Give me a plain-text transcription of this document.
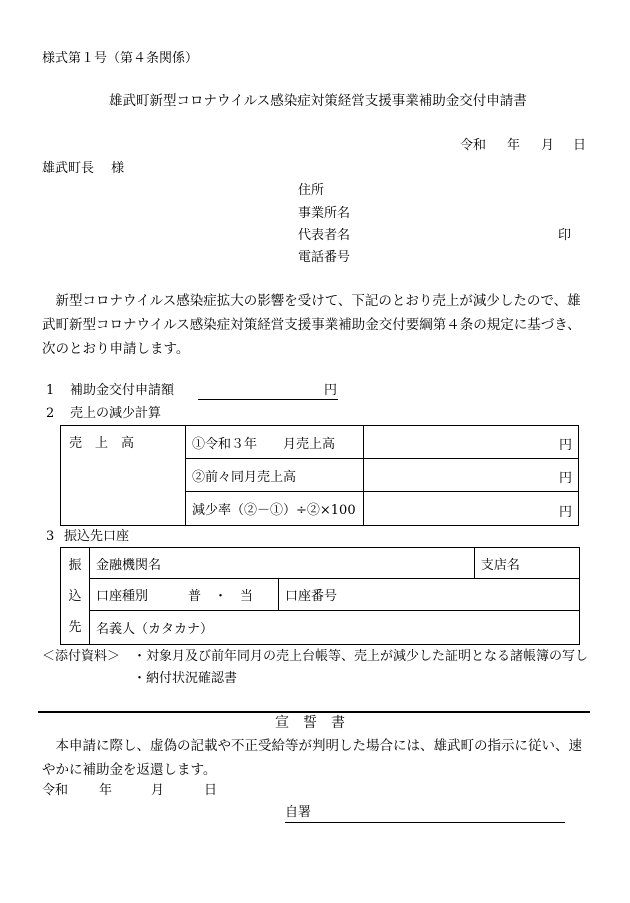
様式第１号（第４条関係）
雄武町新型コロナウイルス感染症対策経営支援事業補助金交付申請書
令和 年 月 日
雄武町長　 様
住所
事業所名
代表者名	印
電話番号

新型コロナウイルス感染症拡大の影響を受けて、下記のとおり売上が減少したので、雄武町新型コロナウイルス感染症対策経営支援事業補助金交付要綱第４条の規定に基づき、次のとおり申請します。

1 補助金交付申請額	円
2 売上の減少計算
売　上　高	①令和３年　　月売上高	円
	②前々同月売上高	円
	減少率（②－①）÷②×100	円
3 振込先口座
振
込
先	金融機関名		支店名
	口座種別 普　・　当	口座番号	
	名義人（カタカナ）		
＜添付資料＞ ・対象月及び前年同月の売上台帳等、売上が減少した証明となる諸帳簿の写し
・納付状況確認書
宣　誓　書

本申請に際し、虚偽の記載や不正受給等が判明した場合には、雄武町の指示に従い、速やかに補助金を返還します。

令和 年	月	日
自署
